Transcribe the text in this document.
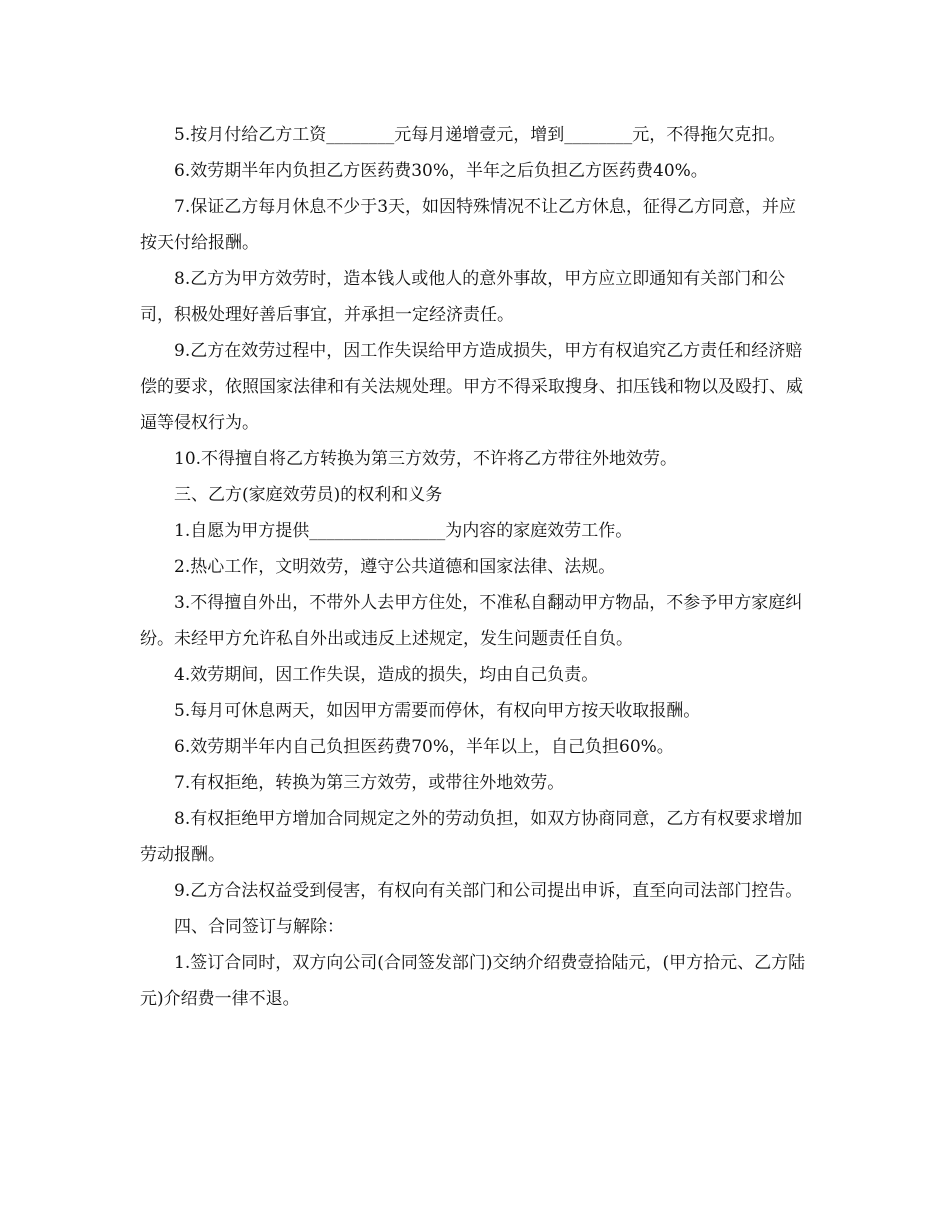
5.按月付给乙方工资________元每月递增壹元，增到________元，不得拖欠克扣。

6.效劳期半年内负担乙方医药费30%，半年之后负担乙方医药费40%。

7.保证乙方每月休息不少于3天，如因特殊情况不让乙方休息，征得乙方同意，并应按天付给报酬。

8.乙方为甲方效劳时，造本钱人或他人的意外事故，甲方应立即通知有关部门和公司，积极处理好善后事宜，并承担一定经济责任。

9.乙方在效劳过程中，因工作失误给甲方造成损失，甲方有权追究乙方责任和经济赔偿的要求，依照国家法律和有关法规处理。甲方不得采取搜身、扣压钱和物以及殴打、威逼等侵权行为。

10.不得擅自将乙方转换为第三方效劳，不许将乙方带往外地效劳。

三、乙方(家庭效劳员)的权利和义务

1.自愿为甲方提供________________为内容的家庭效劳工作。

2.热心工作，文明效劳，遵守公共道德和国家法律、法规。

3.不得擅自外出，不带外人去甲方住处，不准私自翻动甲方物品，不参予甲方家庭纠纷。未经甲方允许私自外出或违反上述规定，发生问题责任自负。

4.效劳期间，因工作失误，造成的损失，均由自己负责。

5.每月可休息两天，如因甲方需要而停休，有权向甲方按天收取报酬。

6.效劳期半年内自己负担医药费70%，半年以上，自己负担60%。

7.有权拒绝，转换为第三方效劳，或带往外地效劳。

8.有权拒绝甲方增加合同规定之外的劳动负担，如双方协商同意，乙方有权要求增加劳动报酬。

9.乙方合法权益受到侵害，有权向有关部门和公司提出申诉，直至向司法部门控告。

四、合同签订与解除：

1.签订合同时，双方向公司(合同签发部门)交纳介绍费壹拾陆元，(甲方拾元、乙方陆元)介绍费一律不退。
